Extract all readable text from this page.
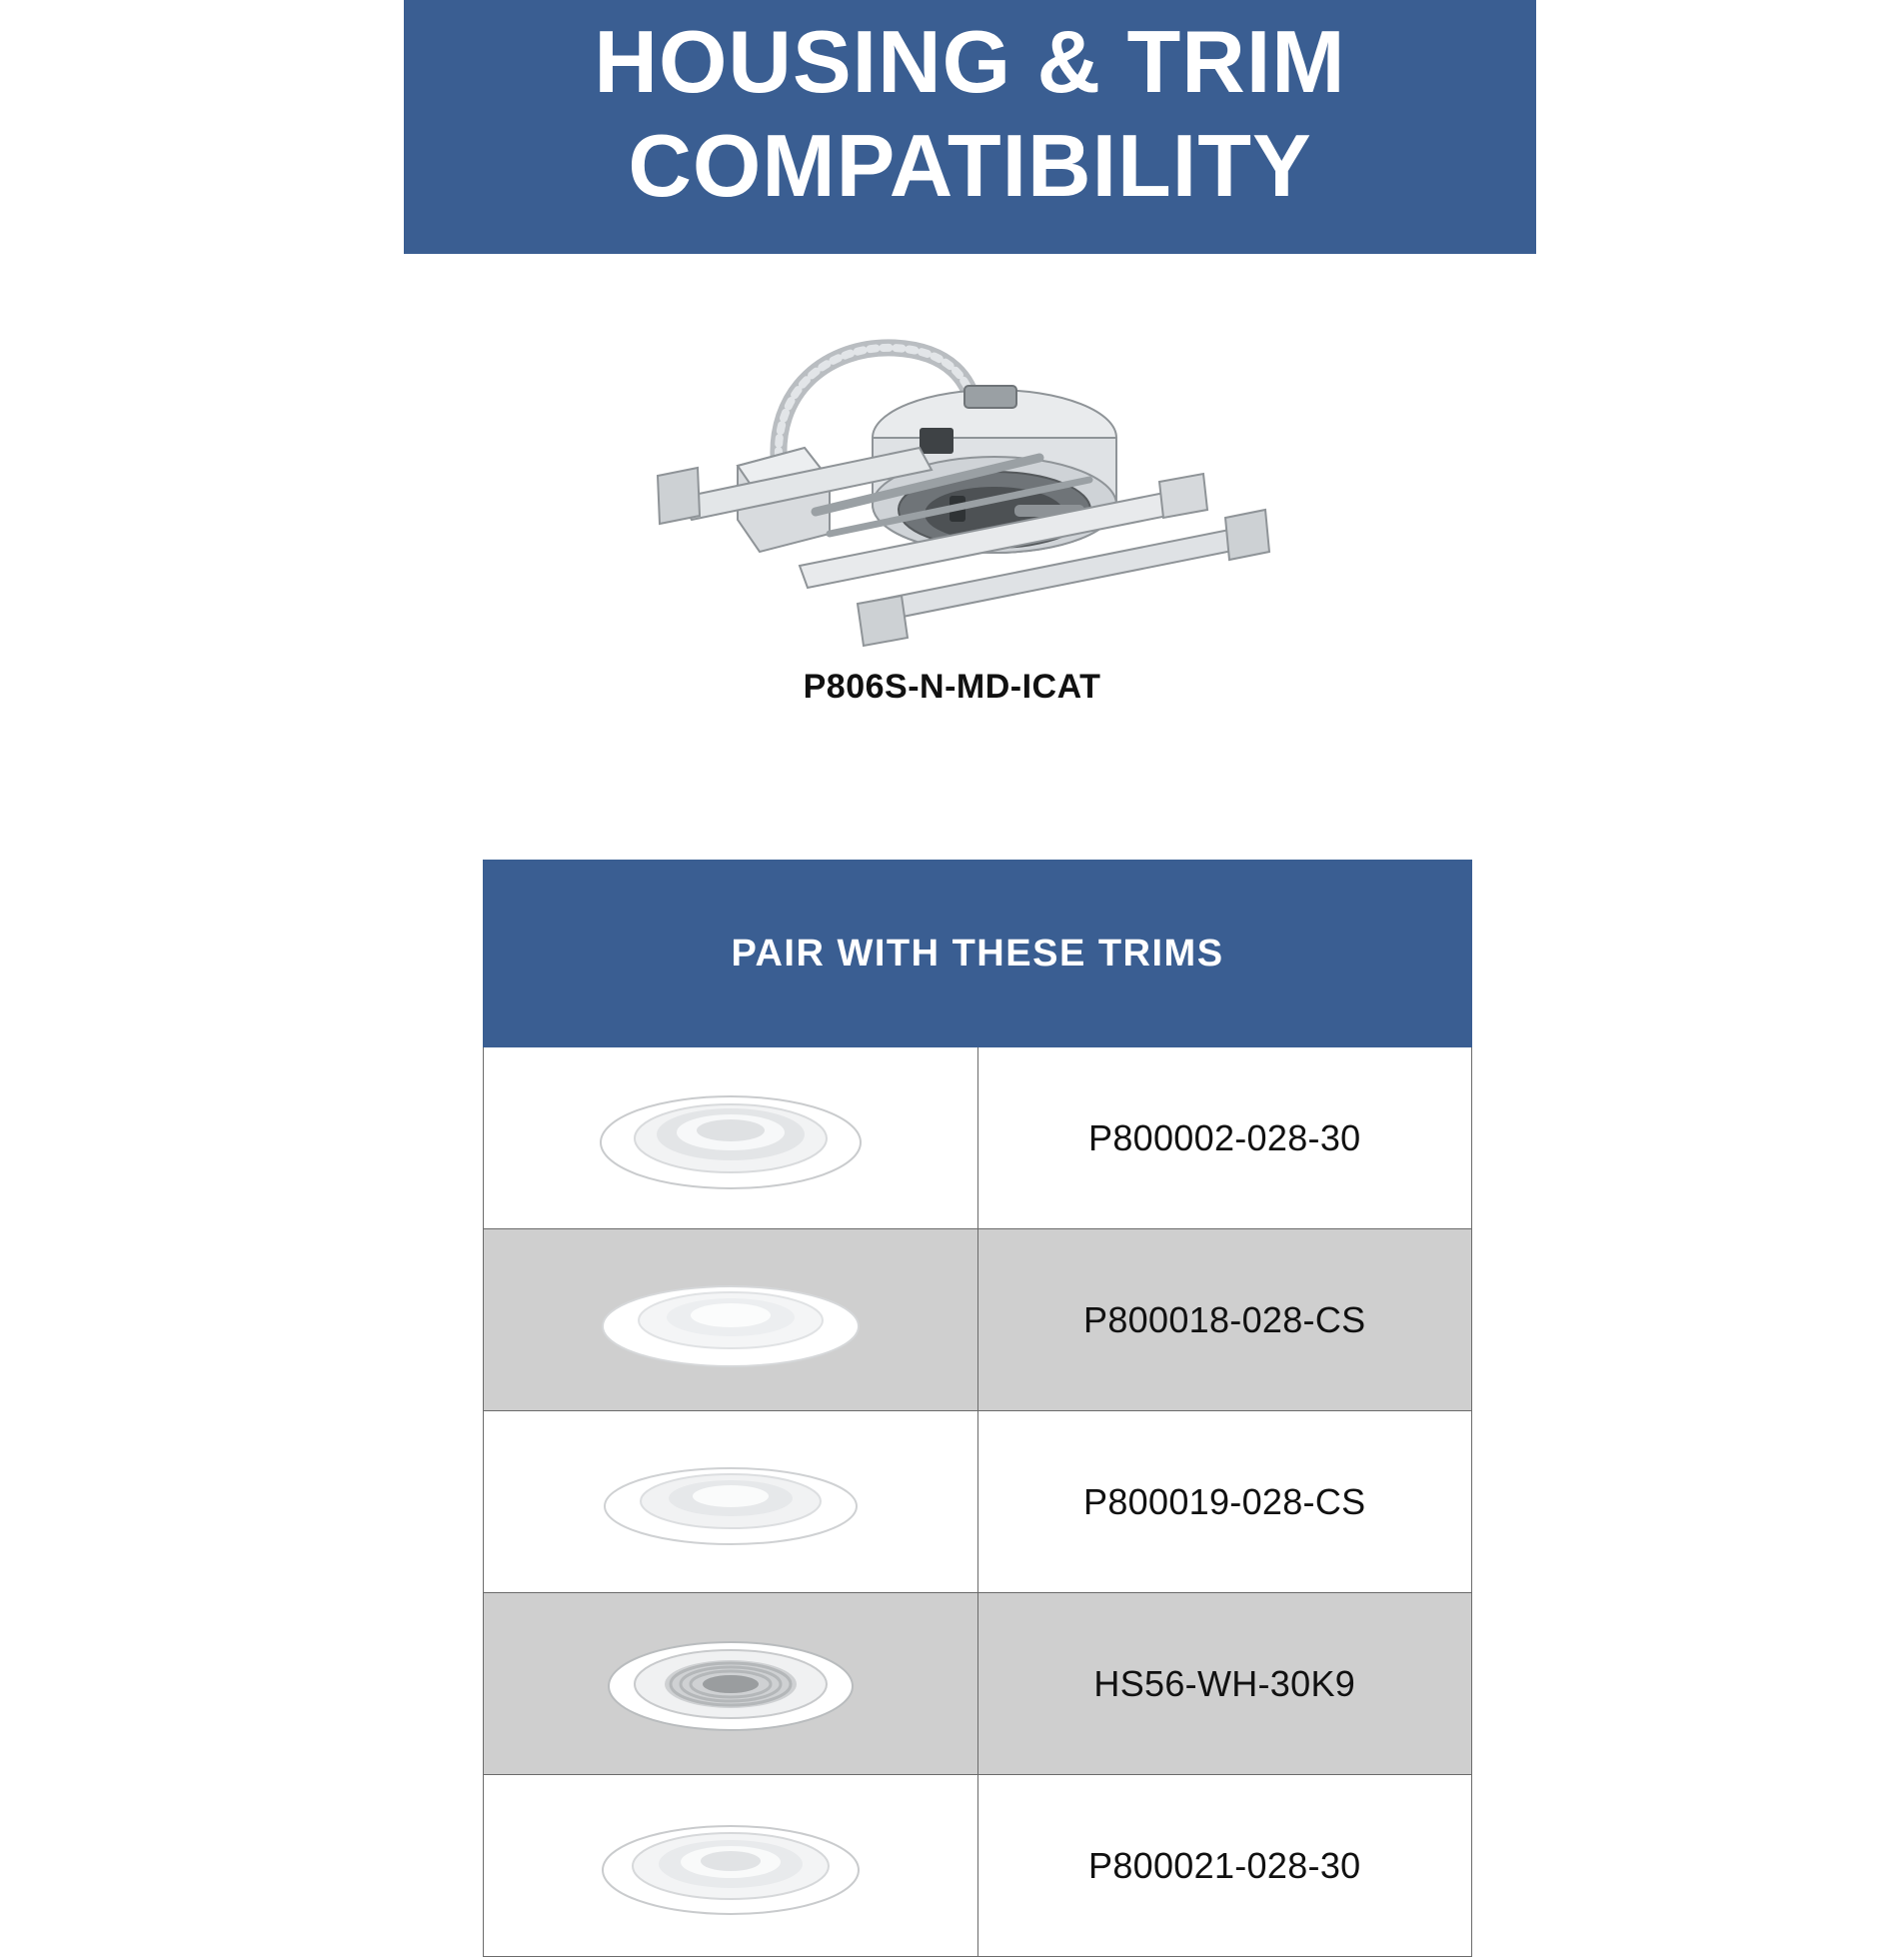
HOUSING & TRIM
COMPATIBILITY
P806S-N-MD-ICAT
PAIR WITH THESE TRIMS	

	P800002-028-30

	P800018-028-CS

	P800019-028-CS

	HS56-WH-30K9

	P800021-028-30
